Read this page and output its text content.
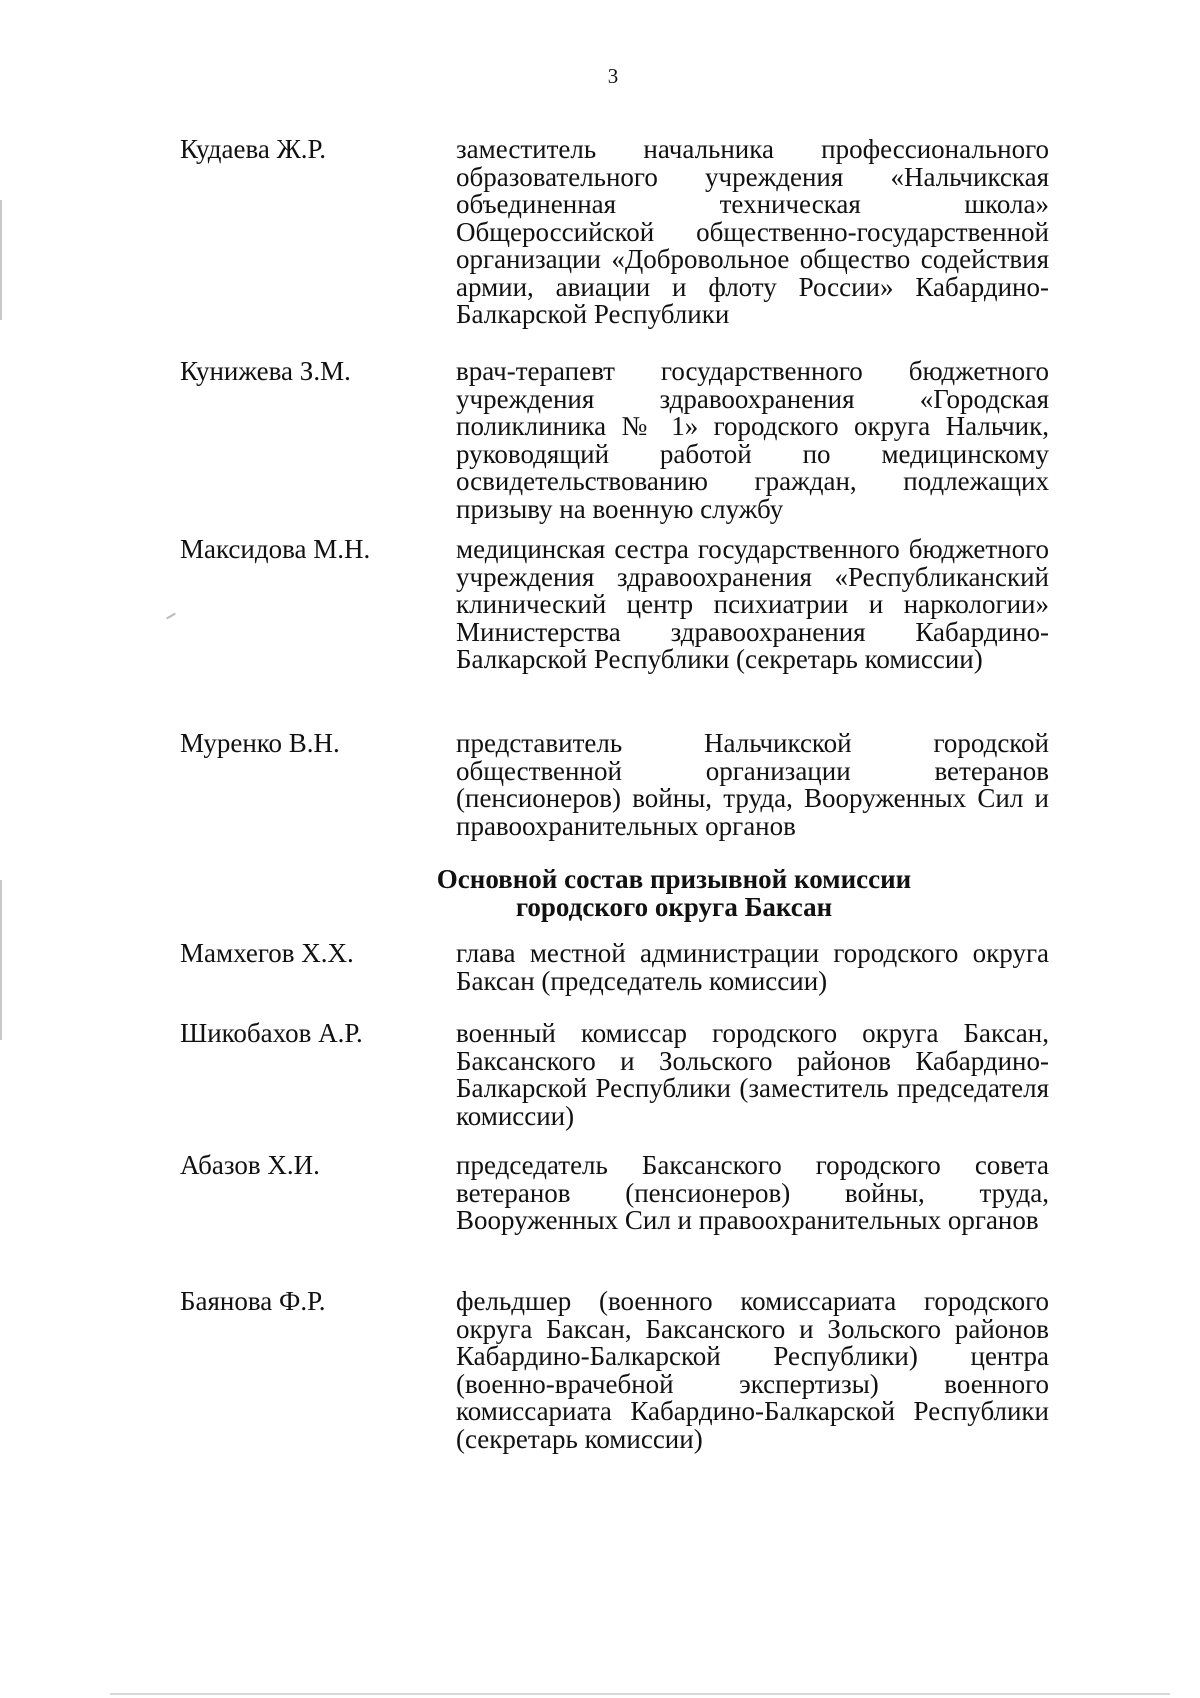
3
Кудаева Ж.Р.	заместитель начальника профессионального образовательного учреждения «Нальчикская объединенная техническая школа» Общероссийской общественно-государственной организации «Добровольное общество содействия армии, авиации и флоту России» Кабардино-Балкарской Республики
Кунижева З.М.	врач-терапевт государственного бюджетного учреждения здравоохранения «Городская поликлиника № 1» городского округа Нальчик, руководящий работой по медицинскому освидетельствованию граждан, подлежащих призыву на военную службу
Максидова М.Н.	медицинская сестра государственного бюджетного учреждения здравоохранения «Республиканский клинический центр психиатрии и наркологии» Министерства здравоохранения Кабардино-Балкарской Республики (секретарь комиссии)
Муренко В.Н.	представитель Нальчикской городской общественной организации ветеранов (пенсионеров) войны, труда, Вооруженных Сил и правоохранительных органов
Основной состав призывной комиссии
городского округа Баксан
Мамхегов Х.Х.	глава местной администрации городского округа Баксан (председатель комиссии)
Шикобахов А.Р.	военный комиссар городского округа Баксан, Баксанского и Зольского районов Кабардино-Балкарской Республики (заместитель председателя комиссии)
Абазов Х.И.	председатель Баксанского городского совета ветеранов (пенсионеров) войны, труда, Вооруженных Сил и правоохранительных органов
Баянова Ф.Р.	фельдшер (военного комиссариата городского округа Баксан, Баксанского и Зольского районов Кабардино-Балкарской Республики) центра (военно-врачебной экспертизы) военного комиссариата Кабардино-Балкарской Республики (секретарь комиссии)
